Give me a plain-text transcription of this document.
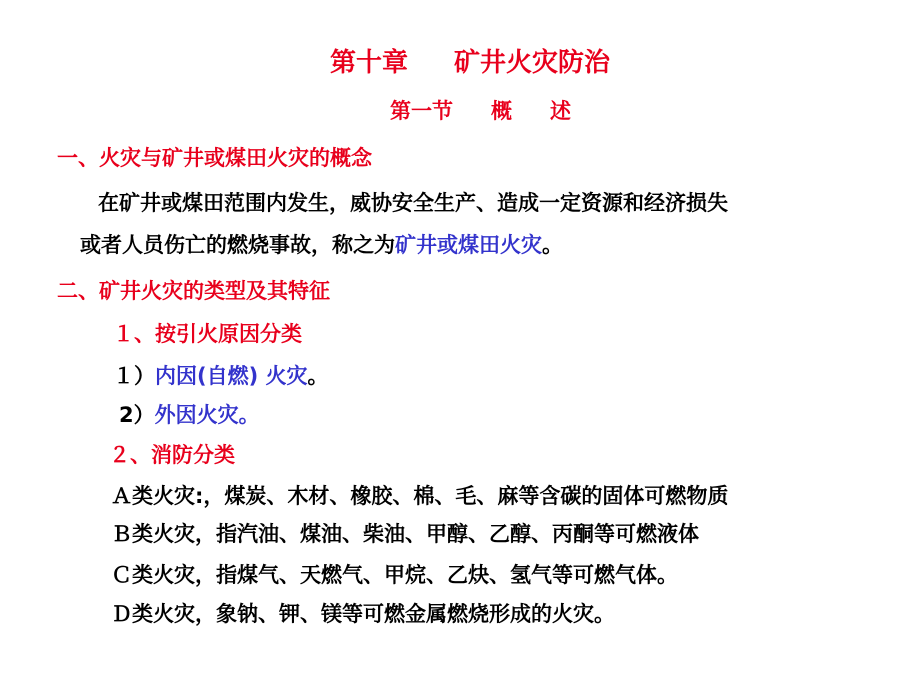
第十章 矿井火灾防治
第一节 概 述
一、火灾与矿井或煤田火灾的概念
在矿井或煤田范围内发生，威协安全生产、造成一定资源和经济损失
或者人员伤亡的燃烧事故，称之为矿井或煤田火灾。
二、矿井火灾的类型及其特征
１、按引火原因分类
１）内因(自燃) 火灾。
2）外因火灾。
２、消防分类
Ａ类火灾:，煤炭、木材、橡胶、棉、毛、麻等含碳的固体可燃物质
Ｂ类火灾，指汽油、煤油、柴油、甲醇、乙醇、丙酮等可燃液体
Ｃ类火灾，指煤气、天燃气、甲烷、乙炔、氢气等可燃气体。
Ｄ类火灾，象钠、钾、镁等可燃金属燃烧形成的火灾。
